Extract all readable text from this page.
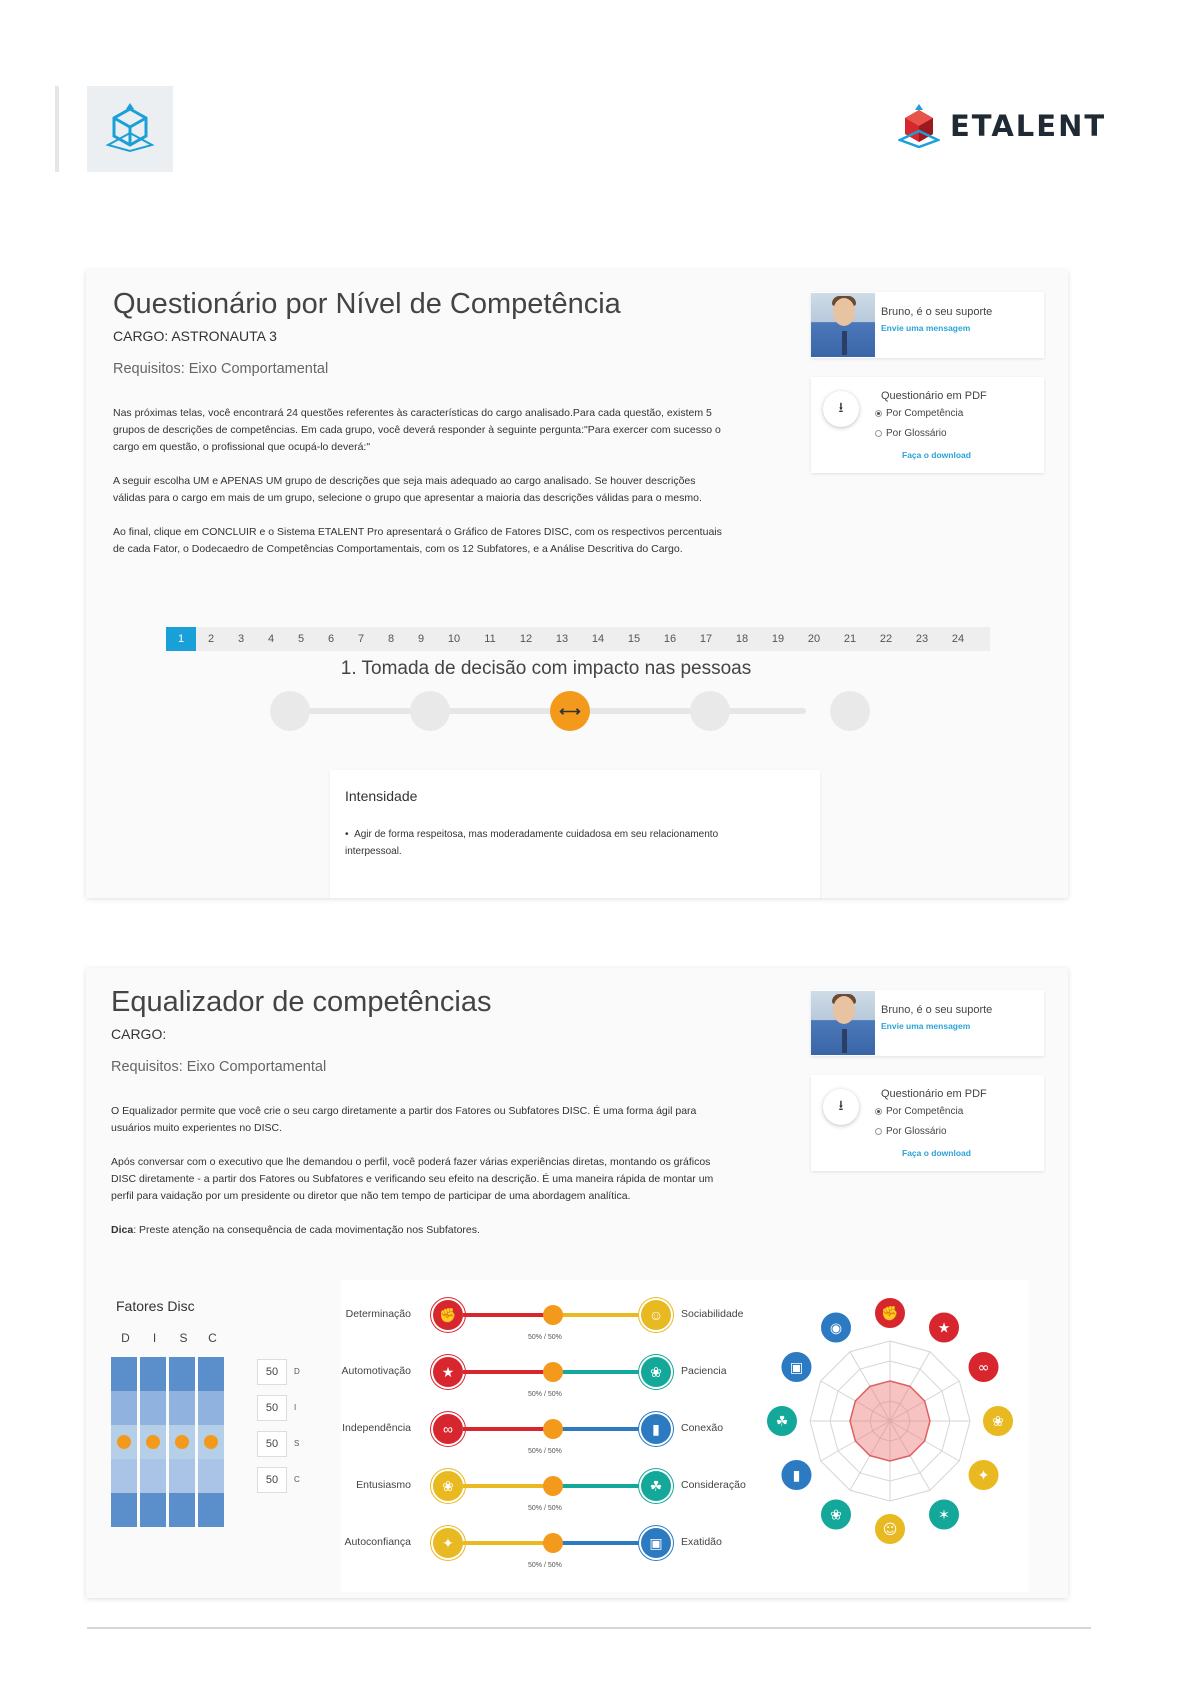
ETALENT
Questionário por Nível de Competência
CARGO: ASTRONAUTA 3
Requisitos: Eixo Comportamental

Nas próximas telas, você encontrará 24 questões referentes às características do cargo analisado.Para cada questão, existem 5 grupos de descrições de competências. Em cada grupo, você deverá responder à seguinte pergunta:"Para exercer com sucesso o cargo em questão, o profissional que ocupá-lo deverá:"

A seguir escolha UM e APENAS UM grupo de descrições que seja mais adequado ao cargo analisado. Se houver descrições válidas para o cargo em mais de um grupo, selecione o grupo que apresentar a maioria das descrições válidas para o mesmo.

Ao final, clique em CONCLUIR e o Sistema ETALENT Pro apresentará o Gráfico de Fatores DISC, com os respectivos percentuais de cada Fator, o Dodecaedro de Competências Comportamentais, com os 12 Subfatores, e a Análise Descritiva do Cargo.

Bruno, é o seu suporte
Envie uma mensagem
⭳
Questionário em PDF
Por Competência
Por Glossário
Faça o download
1	2	3	4	5	6	7	8	9	10	11	12	13	14	15	16	17	18	19	20	21	22	23	24
1. Tomada de decisão com impacto nas pessoas
⟷
Intensidade
•  Agir de forma respeitosa, mas moderadamente cuidadosa em seu relacionamento interpessoal.
Equalizador de competências
CARGO:
Requisitos: Eixo Comportamental

O Equalizador permite que você crie o seu cargo diretamente a partir dos Fatores ou Subfatores DISC. É uma forma ágil para usuários muito experientes no DISC.

Após conversar com o executivo que lhe demandou o perfil, você poderá fazer várias experiências diretas, montando os gráficos DISC diretamente - a partir dos Fatores ou Subfatores e verificando seu efeito na descrição. É uma maneira rápida de montar um perfil para vaidação por um presidente ou diretor que não tem tempo de participar de uma abordagem analítica.

Dica: Preste atenção na consequência de cada movimentação nos Subfatores.

Bruno, é o seu suporte
Envie uma mensagem
⭳
Questionário em PDF
Por Competência
Por Glossário
Faça o download
Fatores Disc
D	I	S	C
50
50
50
50
D
I
S
C
Determinação	✊	☺	Sociabilidade
50% / 50%
Automotivação	★	❀	Paciencia
50% / 50%
Independência	∞	▮	Conexão
50% / 50%
Entusiasmo	❀	☘	Consideração
50% / 50%
Autoconfiança	✦	▣	Exatidão
50% / 50%
✊
★
∞
❀
✦
✶
☺
❀
▮
☘
▣
◉
